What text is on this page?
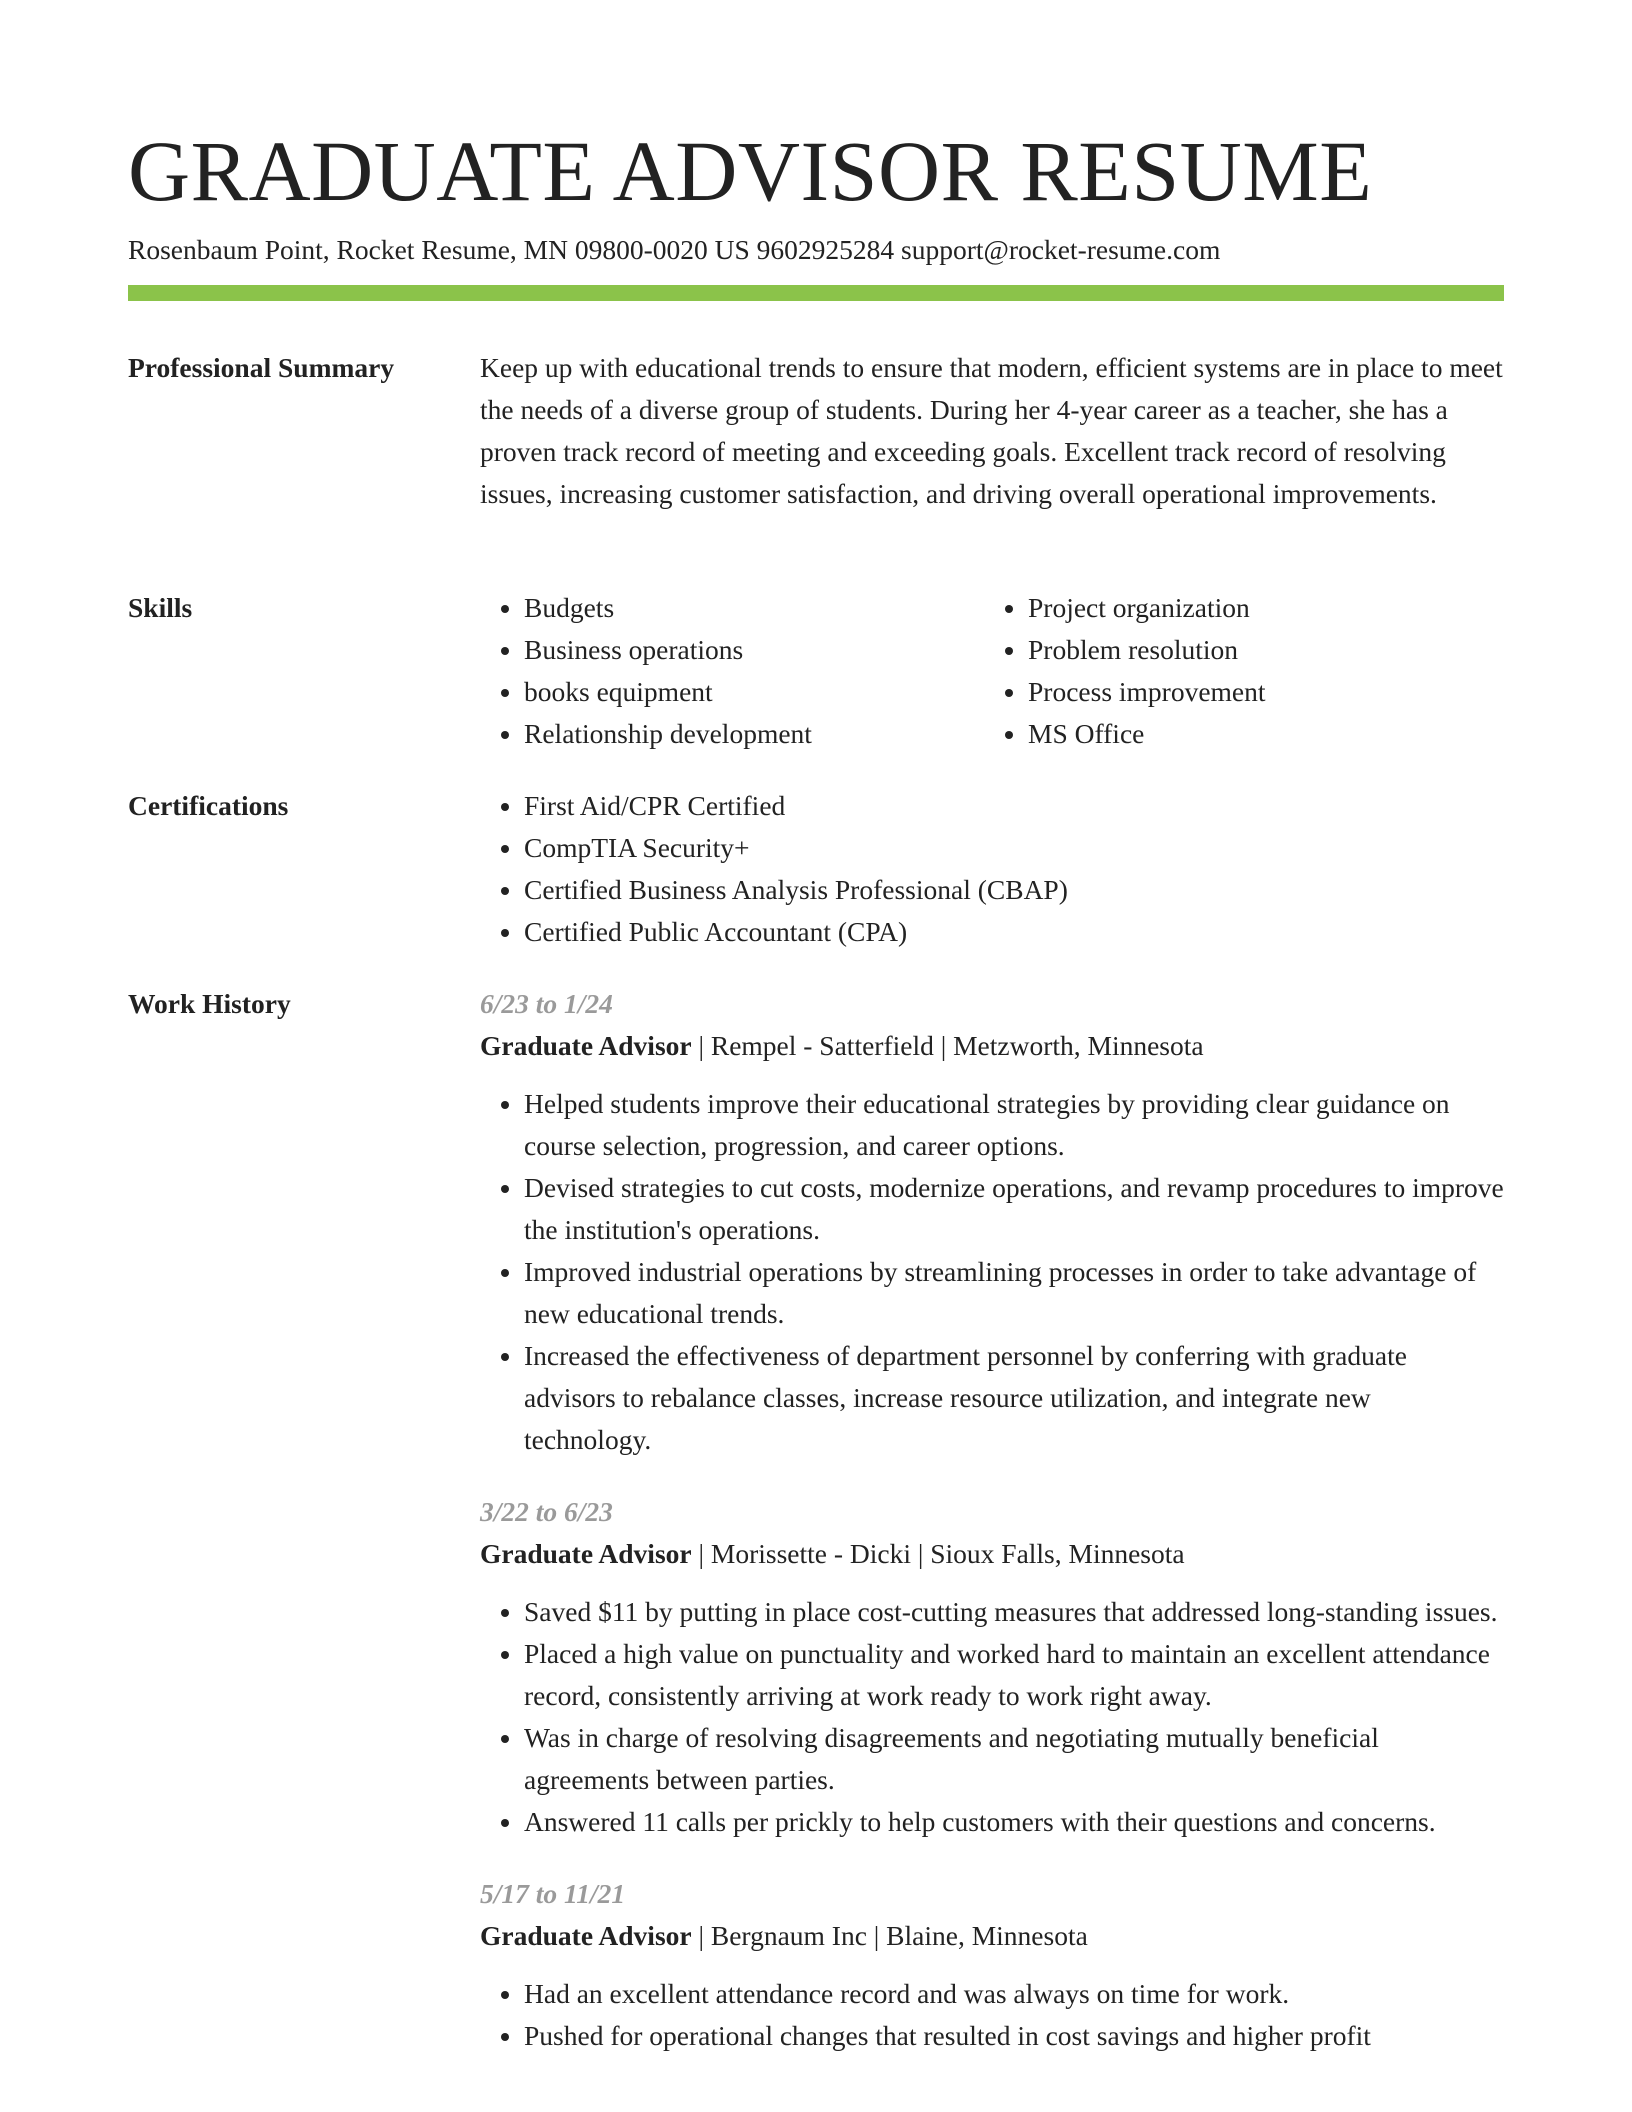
GRADUATE ADVISOR RESUME
Rosenbaum Point, Rocket Resume, MN 09800-0020 US 9602925284 support@rocket-resume.com
Professional Summary	Keep up with educational trends to ensure that modern, efficient systems are in place to meet the needs of a diverse group of students. During her 4-year career as a teacher, she has a proven track record of meeting and exceeding goals. Excellent track record of resolving issues, increasing customer satisfaction, and driving overall operational improvements.

Skills	• Budgets
• Business operations
• books equipment
• Relationship development
• Project organization
• Problem resolution
• Process improvement
• MS Office
Certifications	• First Aid/CPR Certified
• CompTIA Security+
• Certified Business Analysis Professional (CBAP)
• Certified Public Accountant (CPA)
Work History	6/23 to 1/24
Graduate Advisor | Rempel - Satterfield | Metzworth, Minnesota
• Helped students improve their educational strategies by providing clear guidance on course selection, progression, and career options.
• Devised strategies to cut costs, modernize operations, and revamp procedures to improve the institution's operations.
• Improved industrial operations by streamlining processes in order to take advantage of new educational trends.
• Increased the effectiveness of department personnel by conferring with graduate advisors to rebalance classes, increase resource utilization, and integrate new technology.
3/22 to 6/23
Graduate Advisor | Morissette - Dicki | Sioux Falls, Minnesota
• Saved $11 by putting in place cost-cutting measures that addressed long-standing issues.
• Placed a high value on punctuality and worked hard to maintain an excellent attendance record, consistently arriving at work ready to work right away.
• Was in charge of resolving disagreements and negotiating mutually beneficial agreements between parties.
• Answered 11 calls per prickly to help customers with their questions and concerns.
5/17 to 11/21
Graduate Advisor | Bergnaum Inc | Blaine, Minnesota
• Had an excellent attendance record and was always on time for work.
• Pushed for operational changes that resulted in cost savings and higher profit
